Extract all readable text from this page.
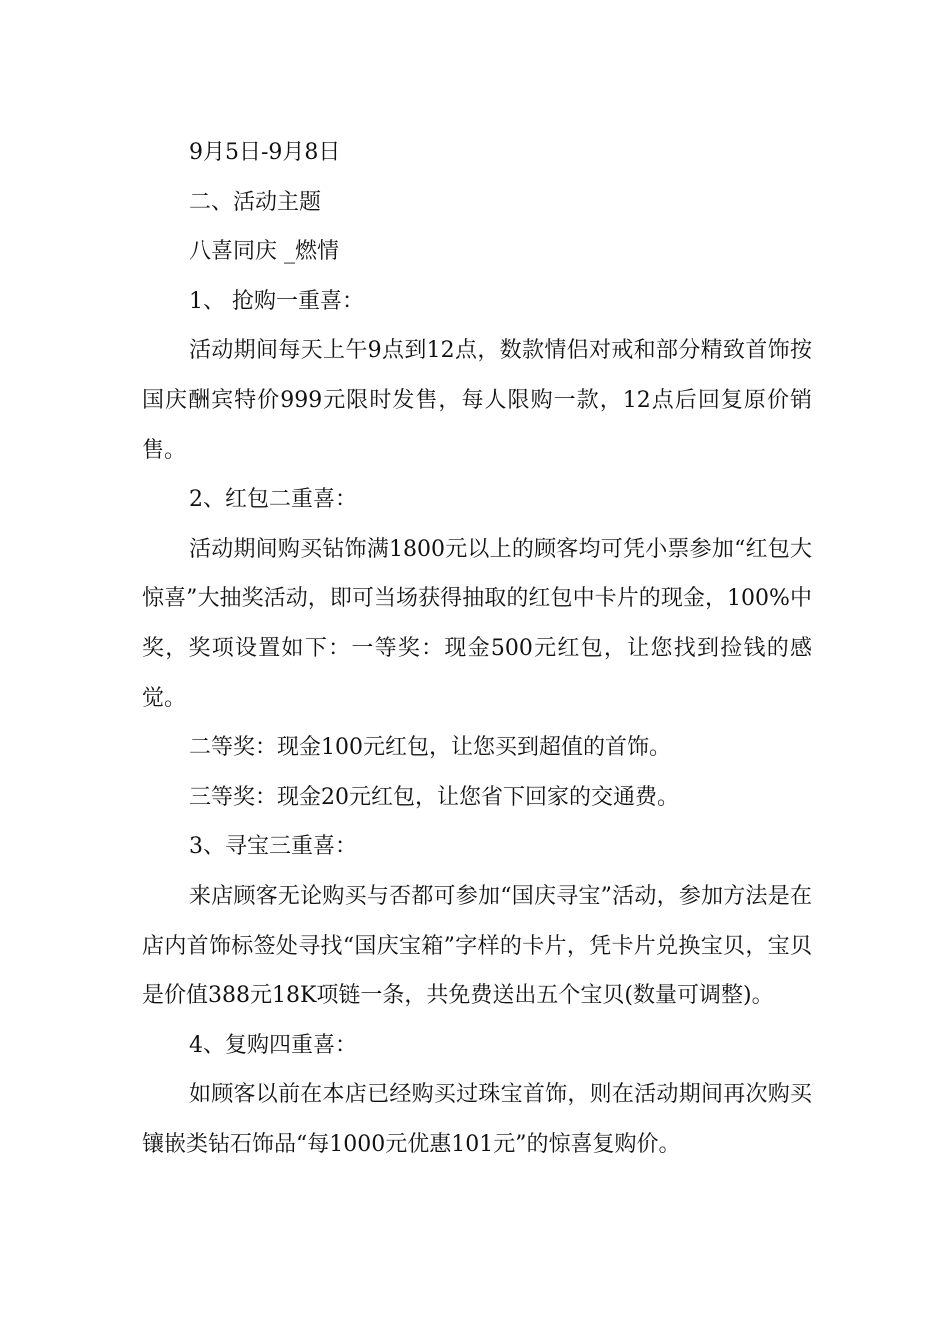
9月5日-9月8日

二、活动主题

八喜同庆 _燃情

1、 抢购一重喜：

活动期间每天上午9点到12点，数款情侣对戒和部分精致首饰按国庆酬宾特价999元限时发售，每人限购一款，12点后回复原价销售。

2、红包二重喜：

活动期间购买钻饰满1800元以上的顾客均可凭小票参加“红包大惊喜”大抽奖活动，即可当场获得抽取的红包中卡片的现金，100%中奖，奖项设置如下：一等奖：现金500元红包，让您找到捡钱的感觉。

二等奖：现金100元红包，让您买到超值的首饰。

三等奖：现金20元红包，让您省下回家的交通费。

3、寻宝三重喜：

来店顾客无论购买与否都可参加“国庆寻宝”活动，参加方法是在店内首饰标签处寻找“国庆宝箱”字样的卡片，凭卡片兑换宝贝，宝贝是价值388元18K项链一条，共免费送出五个宝贝(数量可调整)。

4、复购四重喜：

如顾客以前在本店已经购买过珠宝首饰，则在活动期间再次购买镶嵌类钻石饰品“每1000元优惠101元”的惊喜复购价。
